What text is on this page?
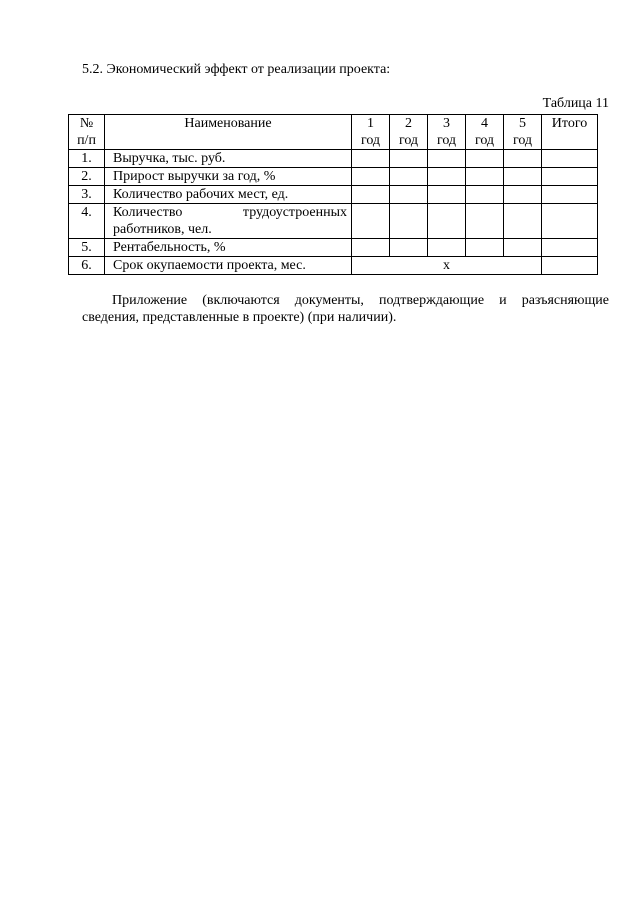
5.2. Экономический эффект от реализации проекта:
Таблица 11
№ п/п	Наименование	1 год	2 год	3 год	4 год	5 год	Итого
1.	Выручка, тыс. руб.						
2.	Прирост выручки за год, %						
3.	Количество рабочих мест, ед.						
4.	Количество трудоустроенных работников, чел.						
5.	Рентабельность, %						
6.	Срок окупаемости проекта, мес.	х					
Приложение (включаются документы, подтверждающие и разъясняющие сведения, представленные в проекте) (при наличии).
